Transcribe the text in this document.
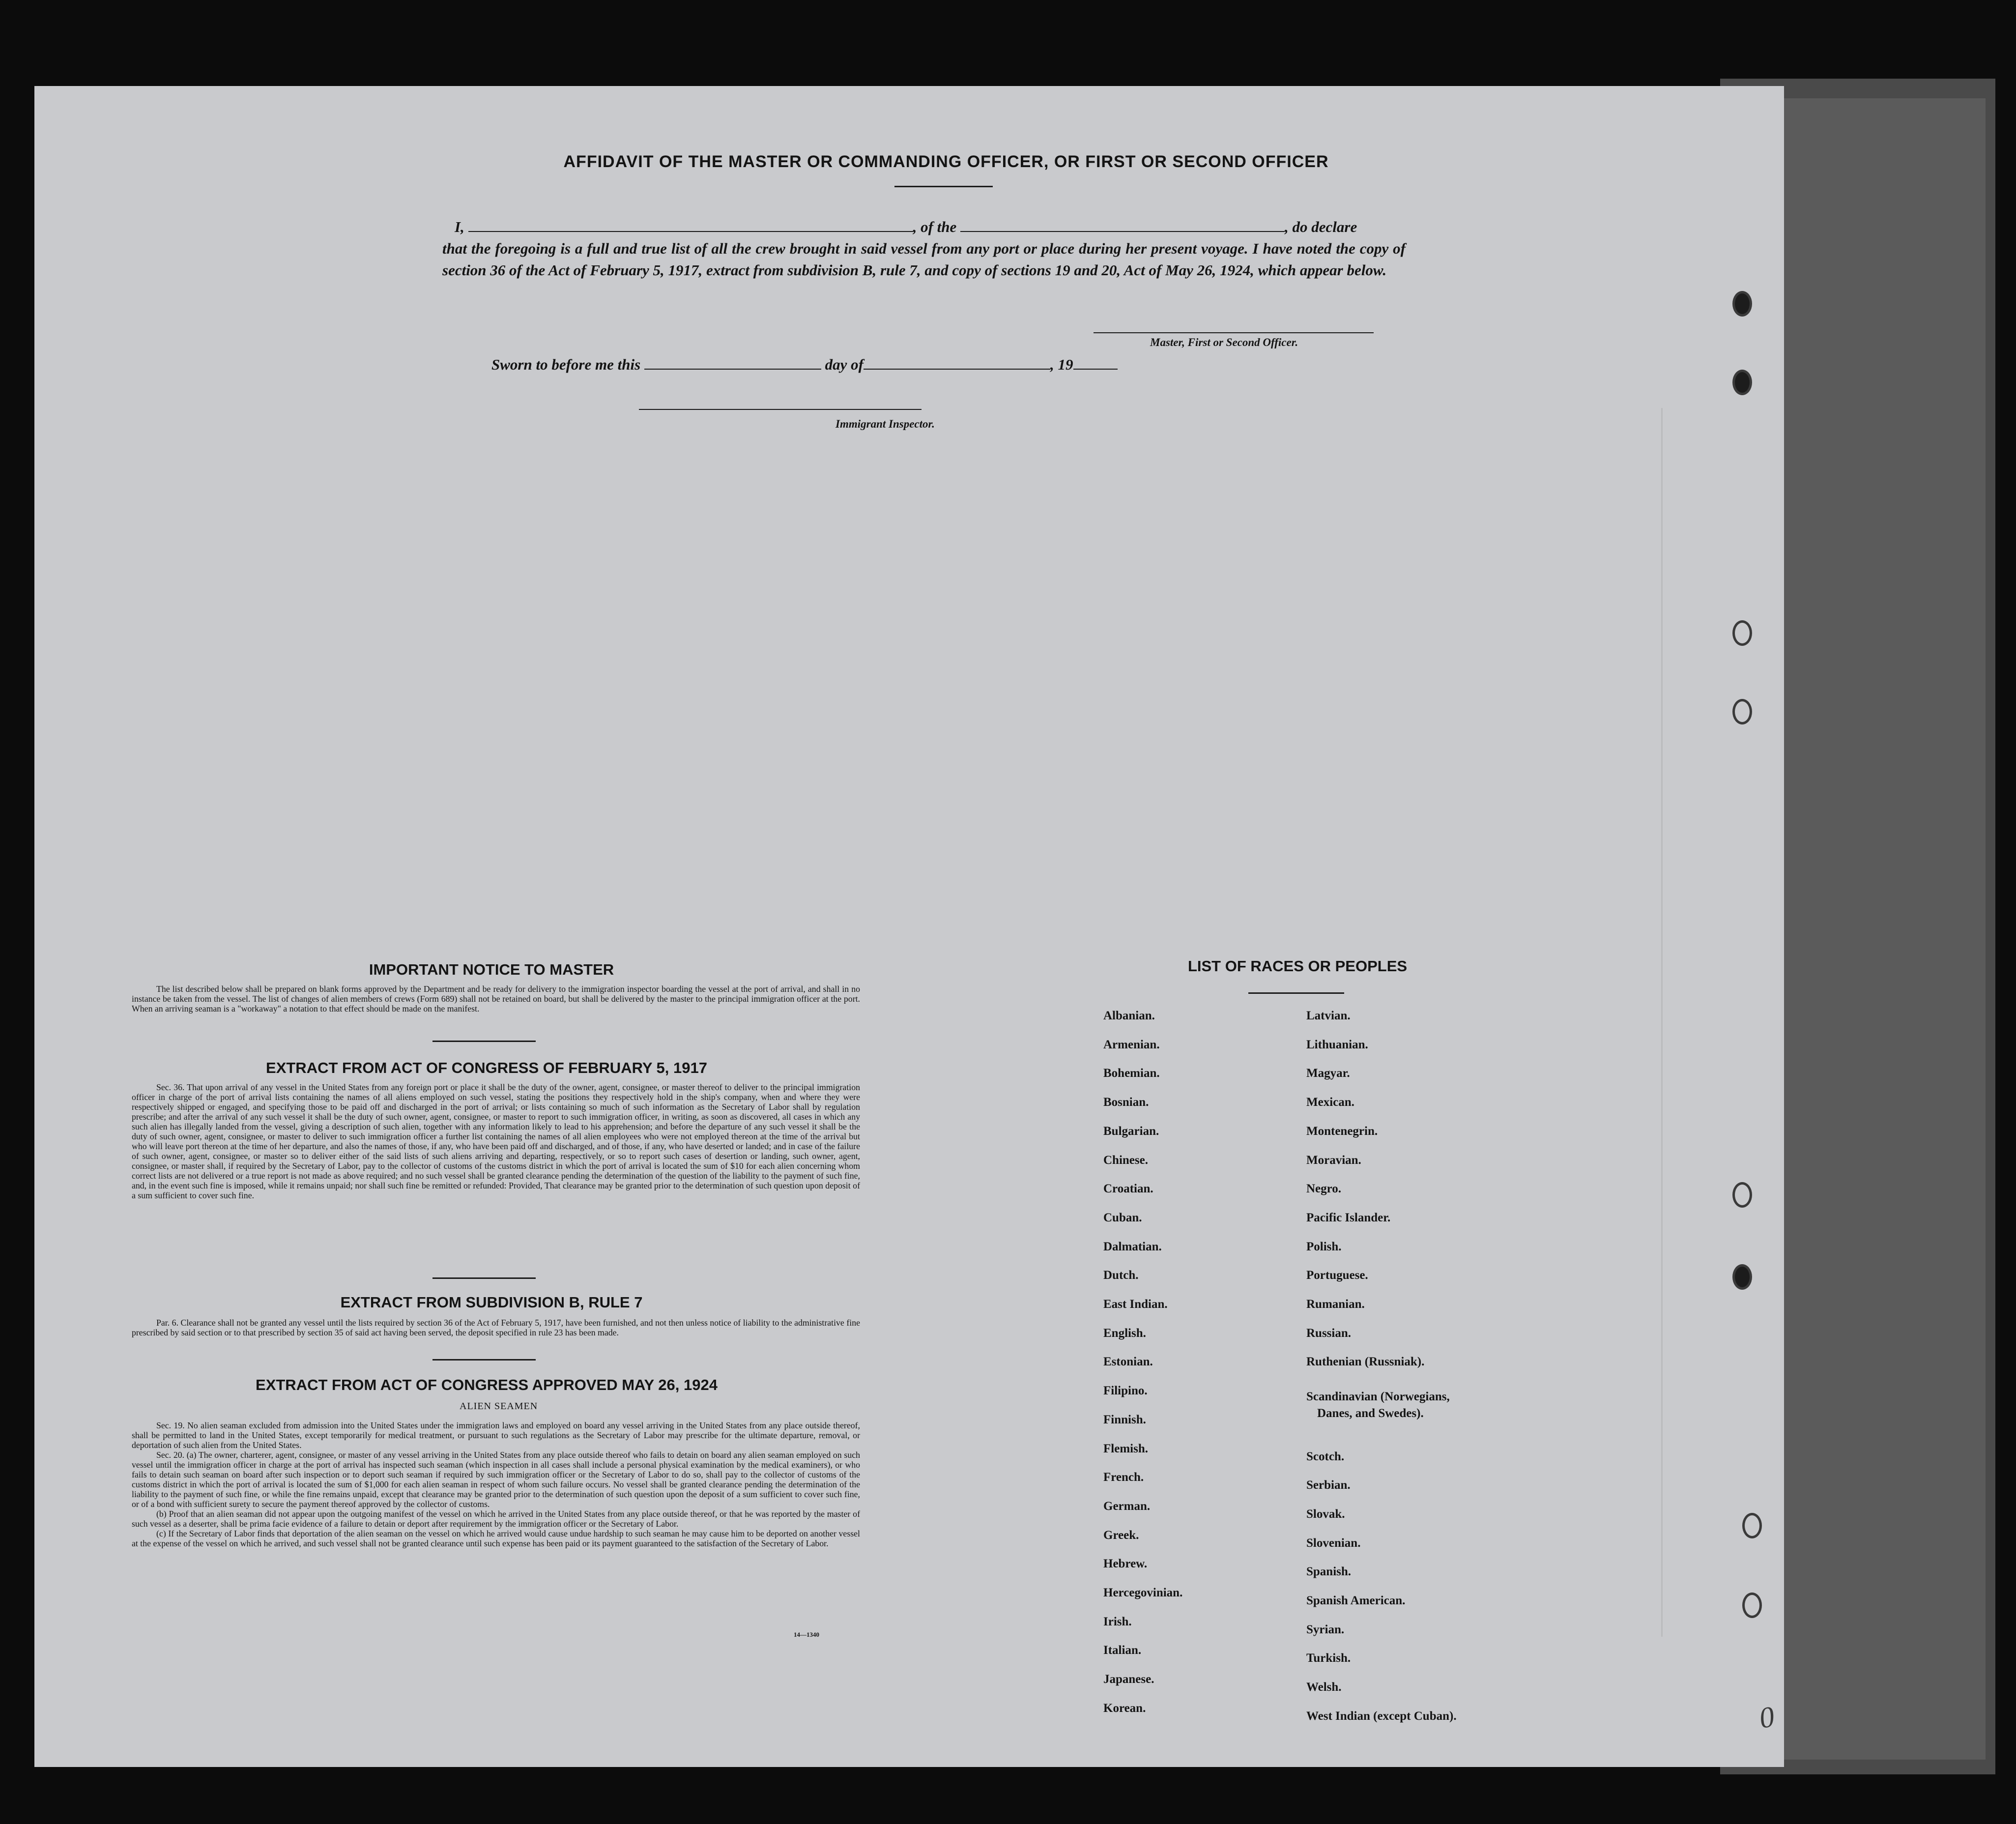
AFFIDAVIT OF THE MASTER OR COMMANDING OFFICER, OR FIRST OR SECOND OFFICER
I,	, of the	, do declare
that the foregoing is a full and true list of all the crew brought in said vessel from any port or place during her present voyage. I have noted the copy of section 36 of the Act of February 5, 1917, extract from subdivision B, rule 7, and copy of sections 19 and 20, Act of May 26, 1924, which appear below.
Master, First or Second Officer.
Sworn to before me this	day of	, 19
Immigrant Inspector.
IMPORTANT NOTICE TO MASTER

The list described below shall be prepared on blank forms approved by the Department and be ready for delivery to the immigration inspector boarding the vessel at the port of arrival, and shall in no instance be taken from the vessel. The list of changes of alien members of crews (Form 689) shall not be retained on board, but shall be delivered by the master to the principal immigration officer at the port. When an arriving seaman is a "workaway" a notation to that effect should be made on the manifest.

EXTRACT FROM ACT OF CONGRESS OF FEBRUARY 5, 1917

Sec. 36. That upon arrival of any vessel in the United States from any foreign port or place it shall be the duty of the owner, agent, consignee, or master thereof to deliver to the principal immigration officer in charge of the port of arrival lists containing the names of all aliens employed on such vessel, stating the positions they respectively hold in the ship's company, when and where they were respectively shipped or engaged, and specifying those to be paid off and discharged in the port of arrival; or lists containing so much of such information as the Secretary of Labor shall by regulation prescribe; and after the arrival of any such vessel it shall be the duty of such owner, agent, consignee, or master to report to such immigration officer, in writing, as soon as discovered, all cases in which any such alien has illegally landed from the vessel, giving a description of such alien, together with any information likely to lead to his apprehension; and before the departure of any such vessel it shall be the duty of such owner, agent, consignee, or master to deliver to such immigration officer a further list containing the names of all alien employees who were not employed thereon at the time of the arrival but who will leave port thereon at the time of her departure, and also the names of those, if any, who have been paid off and discharged, and of those, if any, who have deserted or landed; and in case of the failure of such owner, agent, consignee, or master so to deliver either of the said lists of such aliens arriving and departing, respectively, or so to report such cases of desertion or landing, such owner, agent, consignee, or master shall, if required by the Secretary of Labor, pay to the collector of customs of the customs district in which the port of arrival is located the sum of $10 for each alien concerning whom correct lists are not delivered or a true report is not made as above required; and no such vessel shall be granted clearance pending the determination of the question of the liability to the payment of such fine, and, in the event such fine is imposed, while it remains unpaid; nor shall such fine be remitted or refunded: Provided, That clearance may be granted prior to the determination of such question upon deposit of a sum sufficient to cover such fine.

EXTRACT FROM SUBDIVISION B, RULE 7

Par. 6. Clearance shall not be granted any vessel until the lists required by section 36 of the Act of February 5, 1917, have been furnished, and not then unless notice of liability to the administrative fine prescribed by said section or to that prescribed by section 35 of said act having been served, the deposit specified in rule 23 has been made.

EXTRACT FROM ACT OF CONGRESS APPROVED MAY 26, 1924
ALIEN SEAMEN

Sec. 19. No alien seaman excluded from admission into the United States under the immigration laws and employed on board any vessel arriving in the United States from any place outside thereof, shall be permitted to land in the United States, except temporarily for medical treatment, or pursuant to such regulations as the Secretary of Labor may prescribe for the ultimate departure, removal, or deportation of such alien from the United States.

Sec. 20. (a) The owner, charterer, agent, consignee, or master of any vessel arriving in the United States from any place outside thereof who fails to detain on board any alien seaman employed on such vessel until the immigration officer in charge at the port of arrival has inspected such seaman (which inspection in all cases shall include a personal physical examination by the medical examiners), or who fails to detain such seaman on board after such inspection or to deport such seaman if required by such immigration officer or the Secretary of Labor to do so, shall pay to the collector of customs of the customs district in which the port of arrival is located the sum of $1,000 for each alien seaman in respect of whom such failure occurs. No vessel shall be granted clearance pending the determination of the liability to the payment of such fine, or while the fine remains unpaid, except that clearance may be granted prior to the determination of such question upon the deposit of a sum sufficient to cover such fine, or of a bond with sufficient surety to secure the payment thereof approved by the collector of customs.

(b) Proof that an alien seaman did not appear upon the outgoing manifest of the vessel on which he arrived in the United States from any place outside thereof, or that he was reported by the master of such vessel as a deserter, shall be prima facie evidence of a failure to detain or deport after requirement by the immigration officer or the Secretary of Labor.

(c) If the Secretary of Labor finds that deportation of the alien seaman on the vessel on which he arrived would cause undue hardship to such seaman he may cause him to be deported on another vessel at the expense of the vessel on which he arrived, and such vessel shall not be granted clearance until such expense has been paid or its payment guaranteed to the satisfaction of the Secretary of Labor.

14—1340
LIST OF RACES OR PEOPLES
Albanian.
Armenian.
Bohemian.
Bosnian.
Bulgarian.
Chinese.
Croatian.
Cuban.
Dalmatian.
Dutch.
East Indian.
English.
Estonian.
Filipino.
Finnish.
Flemish.
French.
German.
Greek.
Hebrew.
Hercegovinian.
Irish.
Italian.
Japanese.
Korean.
Latvian.
Lithuanian.
Magyar.
Mexican.
Montenegrin.
Moravian.
Negro.
Pacific Islander.
Polish.
Portuguese.
Rumanian.
Russian.
Ruthenian (Russniak).
Scandinavian (Norwegians,
Danes, and Swedes).
Scotch.
Serbian.
Slovak.
Slovenian.
Spanish.
Spanish American.
Syrian.
Turkish.
Welsh.
West Indian (except Cuban).	0
